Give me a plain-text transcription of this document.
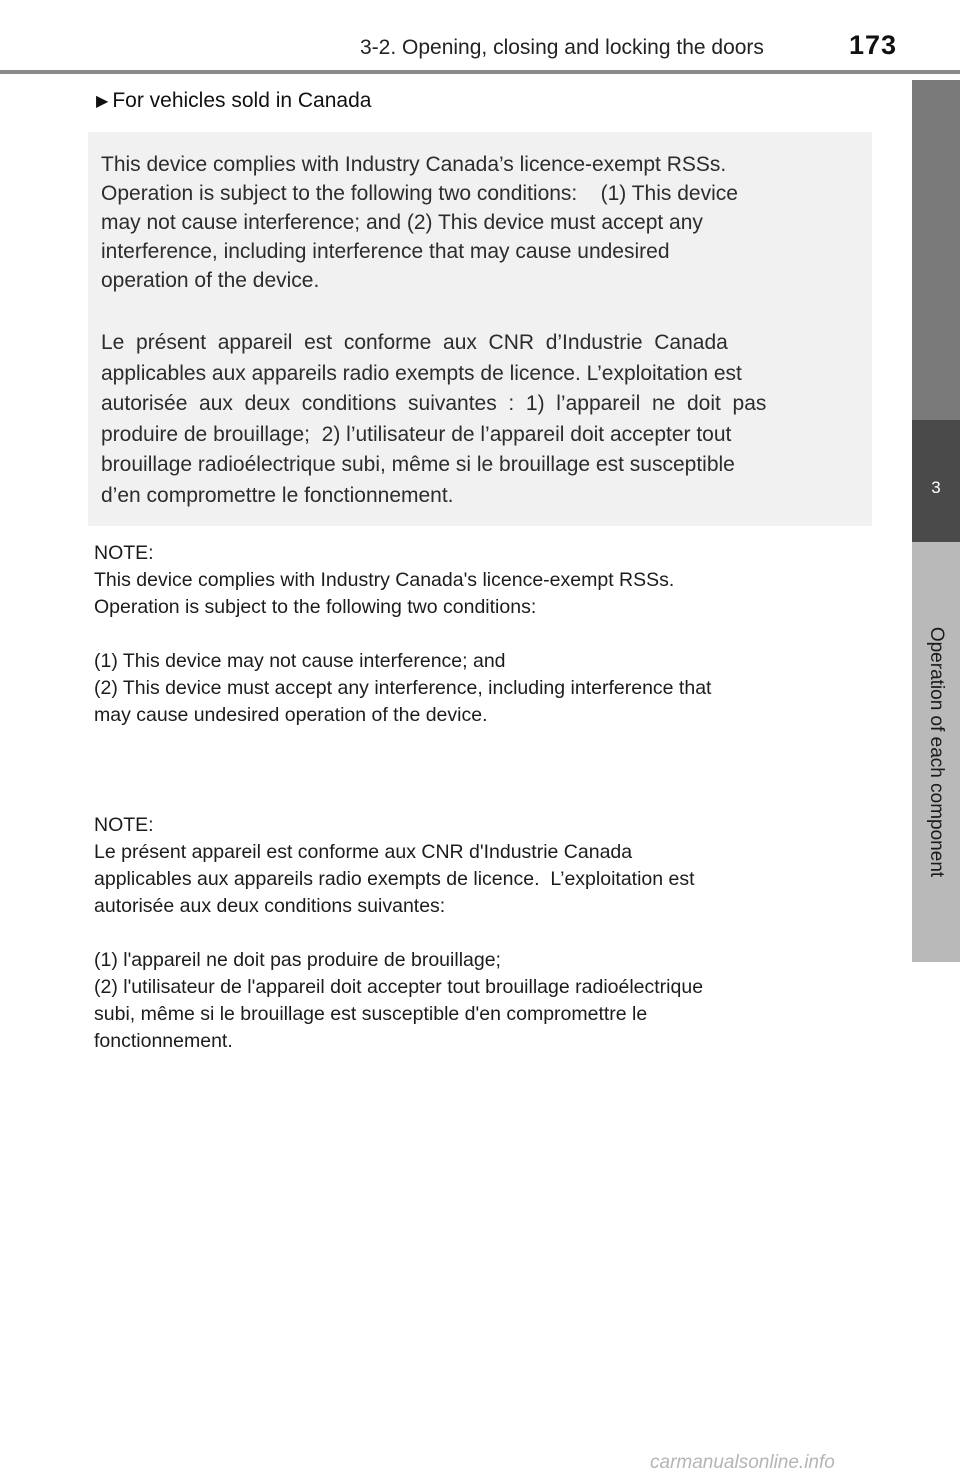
3-2. Opening, closing and locking the doors	173
3
Operation of each component
▶ For vehicles sold in Canada
This device complies with Industry Canada’s licence-exempt RSSs.
Operation is subject to the following two conditions:    (1) This device
may not cause interference; and (2) This device must accept any
interference, including interference that may cause undesired
operation of the device.
Le  présent  appareil  est  conforme  aux  CNR  d’Industrie  Canada
applicables aux appareils radio exempts de licence. L’exploitation est
autorisée  aux  deux  conditions  suivantes  :  1)  l’appareil  ne  doit  pas
produire de brouillage;  2) l’utilisateur de l’appareil doit accepter tout
brouillage radioélectrique subi, même si le brouillage est susceptible
d’en compromettre le fonctionnement.
NOTE:
This device complies with Industry Canada's licence-exempt RSSs.
Operation is subject to the following two conditions:
(1) This device may not cause interference; and
(2) This device must accept any interference, including interference that
may cause undesired operation of the device.
NOTE:
Le présent appareil est conforme aux CNR d'Industrie Canada
applicables aux appareils radio exempts de licence.  L’exploitation est
autorisée aux deux conditions suivantes:
(1) l'appareil ne doit pas produire de brouillage;
(2) l'utilisateur de l'appareil doit accepter tout brouillage radioélectrique
subi, même si le brouillage est susceptible d'en compromettre le
fonctionnement.
carmanualsonline.info
